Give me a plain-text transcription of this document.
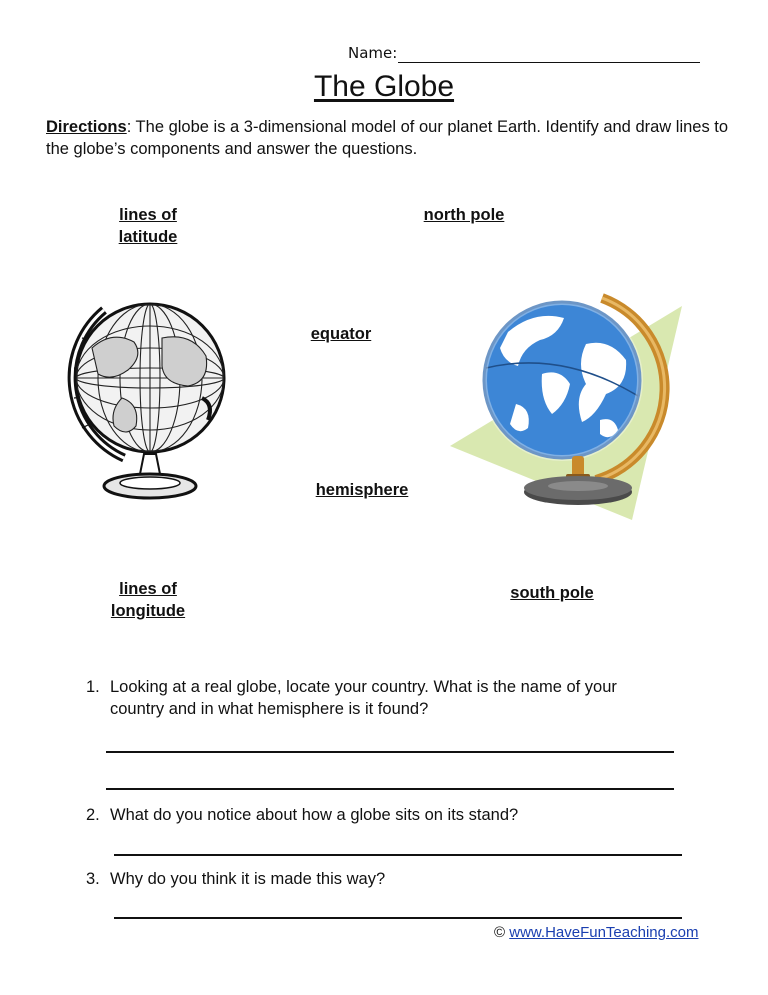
Name:
The Globe
Directions: The globe is a 3-dimensional model of our planet Earth. Identify and draw lines to the globe’s components and answer the questions.
lines of
latitude
north pole
equator
hemisphere
lines of
longitude
south pole
1. Looking at a real globe, locate your country. What is the name of your
country and in what hemisphere is it found?
2. What do you notice about how a globe sits on its stand?
3. Why do you think it is made this way?
© www.HaveFunTeaching.com
